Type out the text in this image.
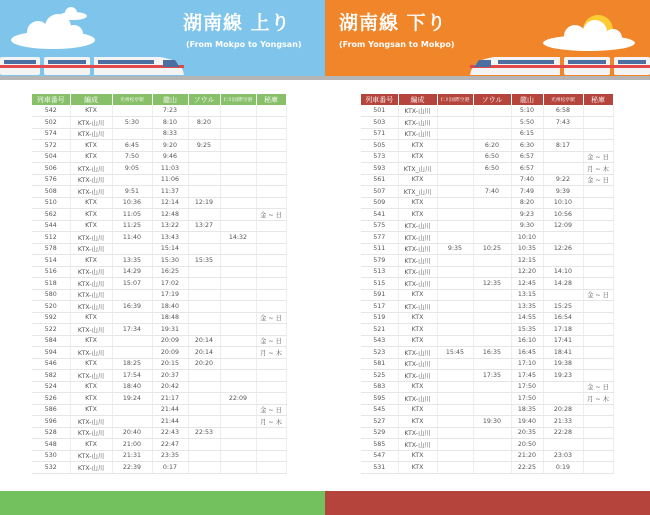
湖南線 上り
(From Mokpo to Yongsan)
列車番号	編成	光州松亭駅	龍山	ソウル	仁川国際空港	秘庫
542	KTX		7:23			
502	KTX-山川	5:30	8:10	8:20		
574	KTX-山川		8:33			
572	KTX	6:45	9:20	9:25		
504	KTX	7:50	9:46			
506	KTX-山川	9:05	11:03			
576	KTX-山川		11:06			
508	KTX-山川	9:51	11:37			
510	KTX	10:36	12:14	12:19		
562	KTX	11:05	12:48			金 ~ 日
544	KTX	11:25	13:22	13:27		
512	KTX-山川	11:40	13:43		14:32	
578	KTX-山川		15:14			
514	KTX	13:35	15:30	15:35		
516	KTX-山川	14:29	16:25			
518	KTX-山川	15:07	17:02			
580	KTX-山川		17:19			
520	KTX-山川	16:39	18:40			
592	KTX		18:48			金 ~ 日
522	KTX-山川	17:34	19:31			
584	KTX		20:09	20:14		金 ~ 日
594	KTX-山川		20:09	20:14		月 ~ 木
546	KTX	18:25	20:15	20:20		
582	KTX-山川	17:54	20:37			
524	KTX	18:40	20:42			
526	KTX	19:24	21:17		22:09	
586	KTX		21:44			金 ~ 日
596	KTX-山川		21:44			月 ~ 木
528	KTX-山川	20:40	22:43	22:53		
548	KTX	21:00	22:47			
530	KTX-山川	21:31	23:35			
532	KTX-山川	22:39	0:17			
湖南線 下り
(From Yongsan to Mokpo)
列車番号	編成	仁川国際空港	ソウル	龍山	光州松亭駅	秘庫
501	KTX-山川			5:10	6:58	
503	KTX-山川			5:50	7:43	
571	KTX-山川			6:15		
505	KTX		6:20	6:30	8:17	
573	KTX		6:50	6:57		金 ~ 日
593	KTX_山川		6:50	6:57		月 ~ 木
561	KTX			7:40	9:22	金 ~ 日
507	KTX_山川		7:40	7:49	9:39	
509	KTX			8:20	10:10	
541	KTX			9:23	10:56	
575	KTX-山川			9:30	12:09	
577	KTX-山川			10:10		
511	KTX-山川	9:35	10:25	10:35	12:26	
579	KTX-山川			12:15		
513	KTX-山川			12:20	14:10	
515	KTX-山川		12:35	12:45	14:28	
591	KTX			13:15		金 ~ 日
517	KTX-山川			13:35	15:25	
519	KTX			14:55	16:54	
521	KTX			15:35	17:18	
543	KTX			16:10	17:41	
523	KTX-山川	15:45	16:35	16:45	18:41	
581	KTX-山川			17:10	19:38	
525	KTX-山川		17:35	17:45	19:23	
583	KTX			17:50		金 ~ 日
595	KTX-山川			17:50		月 ~ 木
545	KTX			18:35	20:28	
527	KTX		19:30	19:40	21:33	
529	KTX-山川			20:35	22:28	
585	KTX-山川			20:50		
547	KTX			21:20	23:03	
531	KTX			22:25	0:19	
